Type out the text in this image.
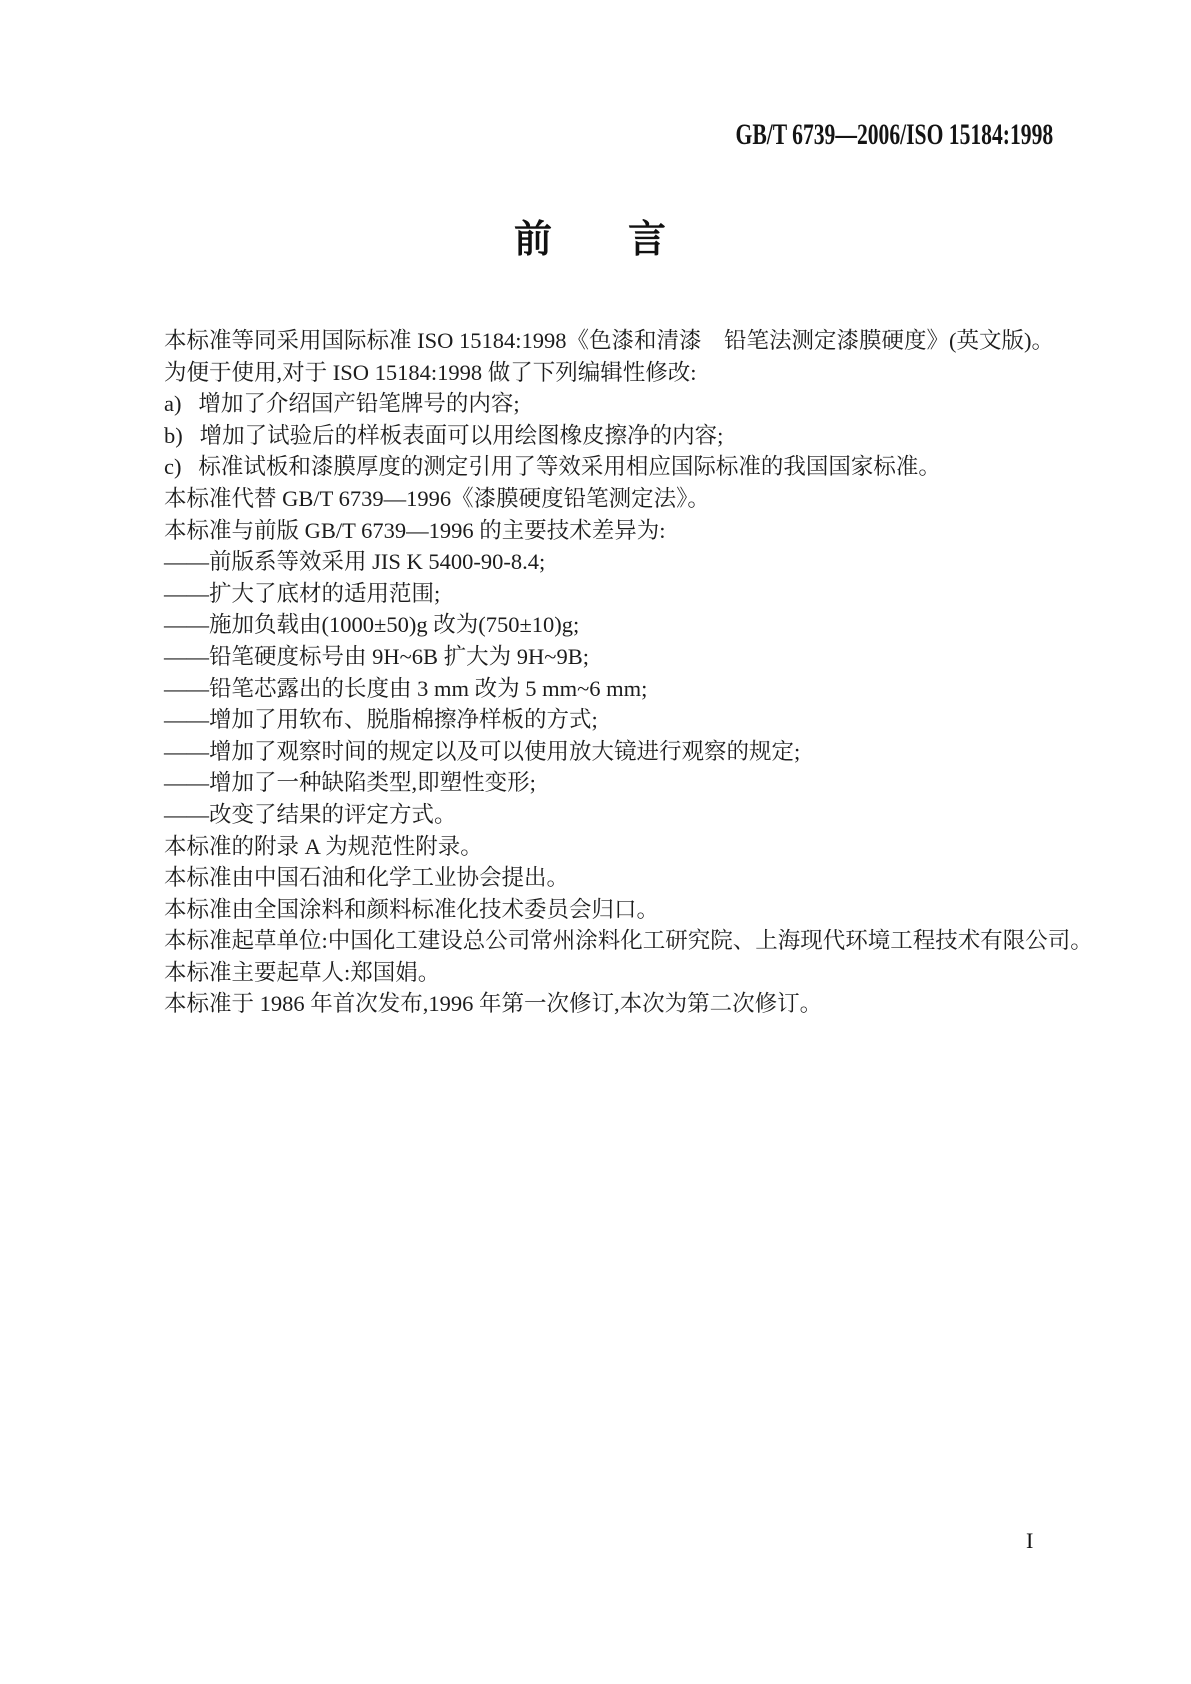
GB/T 6739—2006/ISO 15184:1998
前　　言
本标准等同采用国际标准 ISO 15184:1998《色漆和清漆　铅笔法测定漆膜硬度》(英文版)。
为便于使用,对于 ISO 15184:1998 做了下列编辑性修改:
a)   增加了介绍国产铅笔牌号的内容;
b)   增加了试验后的样板表面可以用绘图橡皮擦净的内容;
c)   标准试板和漆膜厚度的测定引用了等效采用相应国际标准的我国国家标准。
本标准代替 GB/T 6739—1996《漆膜硬度铅笔测定法》。
本标准与前版 GB/T 6739—1996 的主要技术差异为:
——前版系等效采用 JIS K 5400-90-8.4;
——扩大了底材的适用范围;
——施加负载由(1000±50)g 改为(750±10)g;
——铅笔硬度标号由 9H~6B 扩大为 9H~9B;
——铅笔芯露出的长度由 3 mm 改为 5 mm~6 mm;
——增加了用软布、脱脂棉擦净样板的方式;
——增加了观察时间的规定以及可以使用放大镜进行观察的规定;
——增加了一种缺陷类型,即塑性变形;
——改变了结果的评定方式。
本标准的附录 A 为规范性附录。
本标准由中国石油和化学工业协会提出。
本标准由全国涂料和颜料标准化技术委员会归口。
本标准起草单位:中国化工建设总公司常州涂料化工研究院、上海现代环境工程技术有限公司。
本标准主要起草人:郑国娟。
本标准于 1986 年首次发布,1996 年第一次修订,本次为第二次修订。
I
